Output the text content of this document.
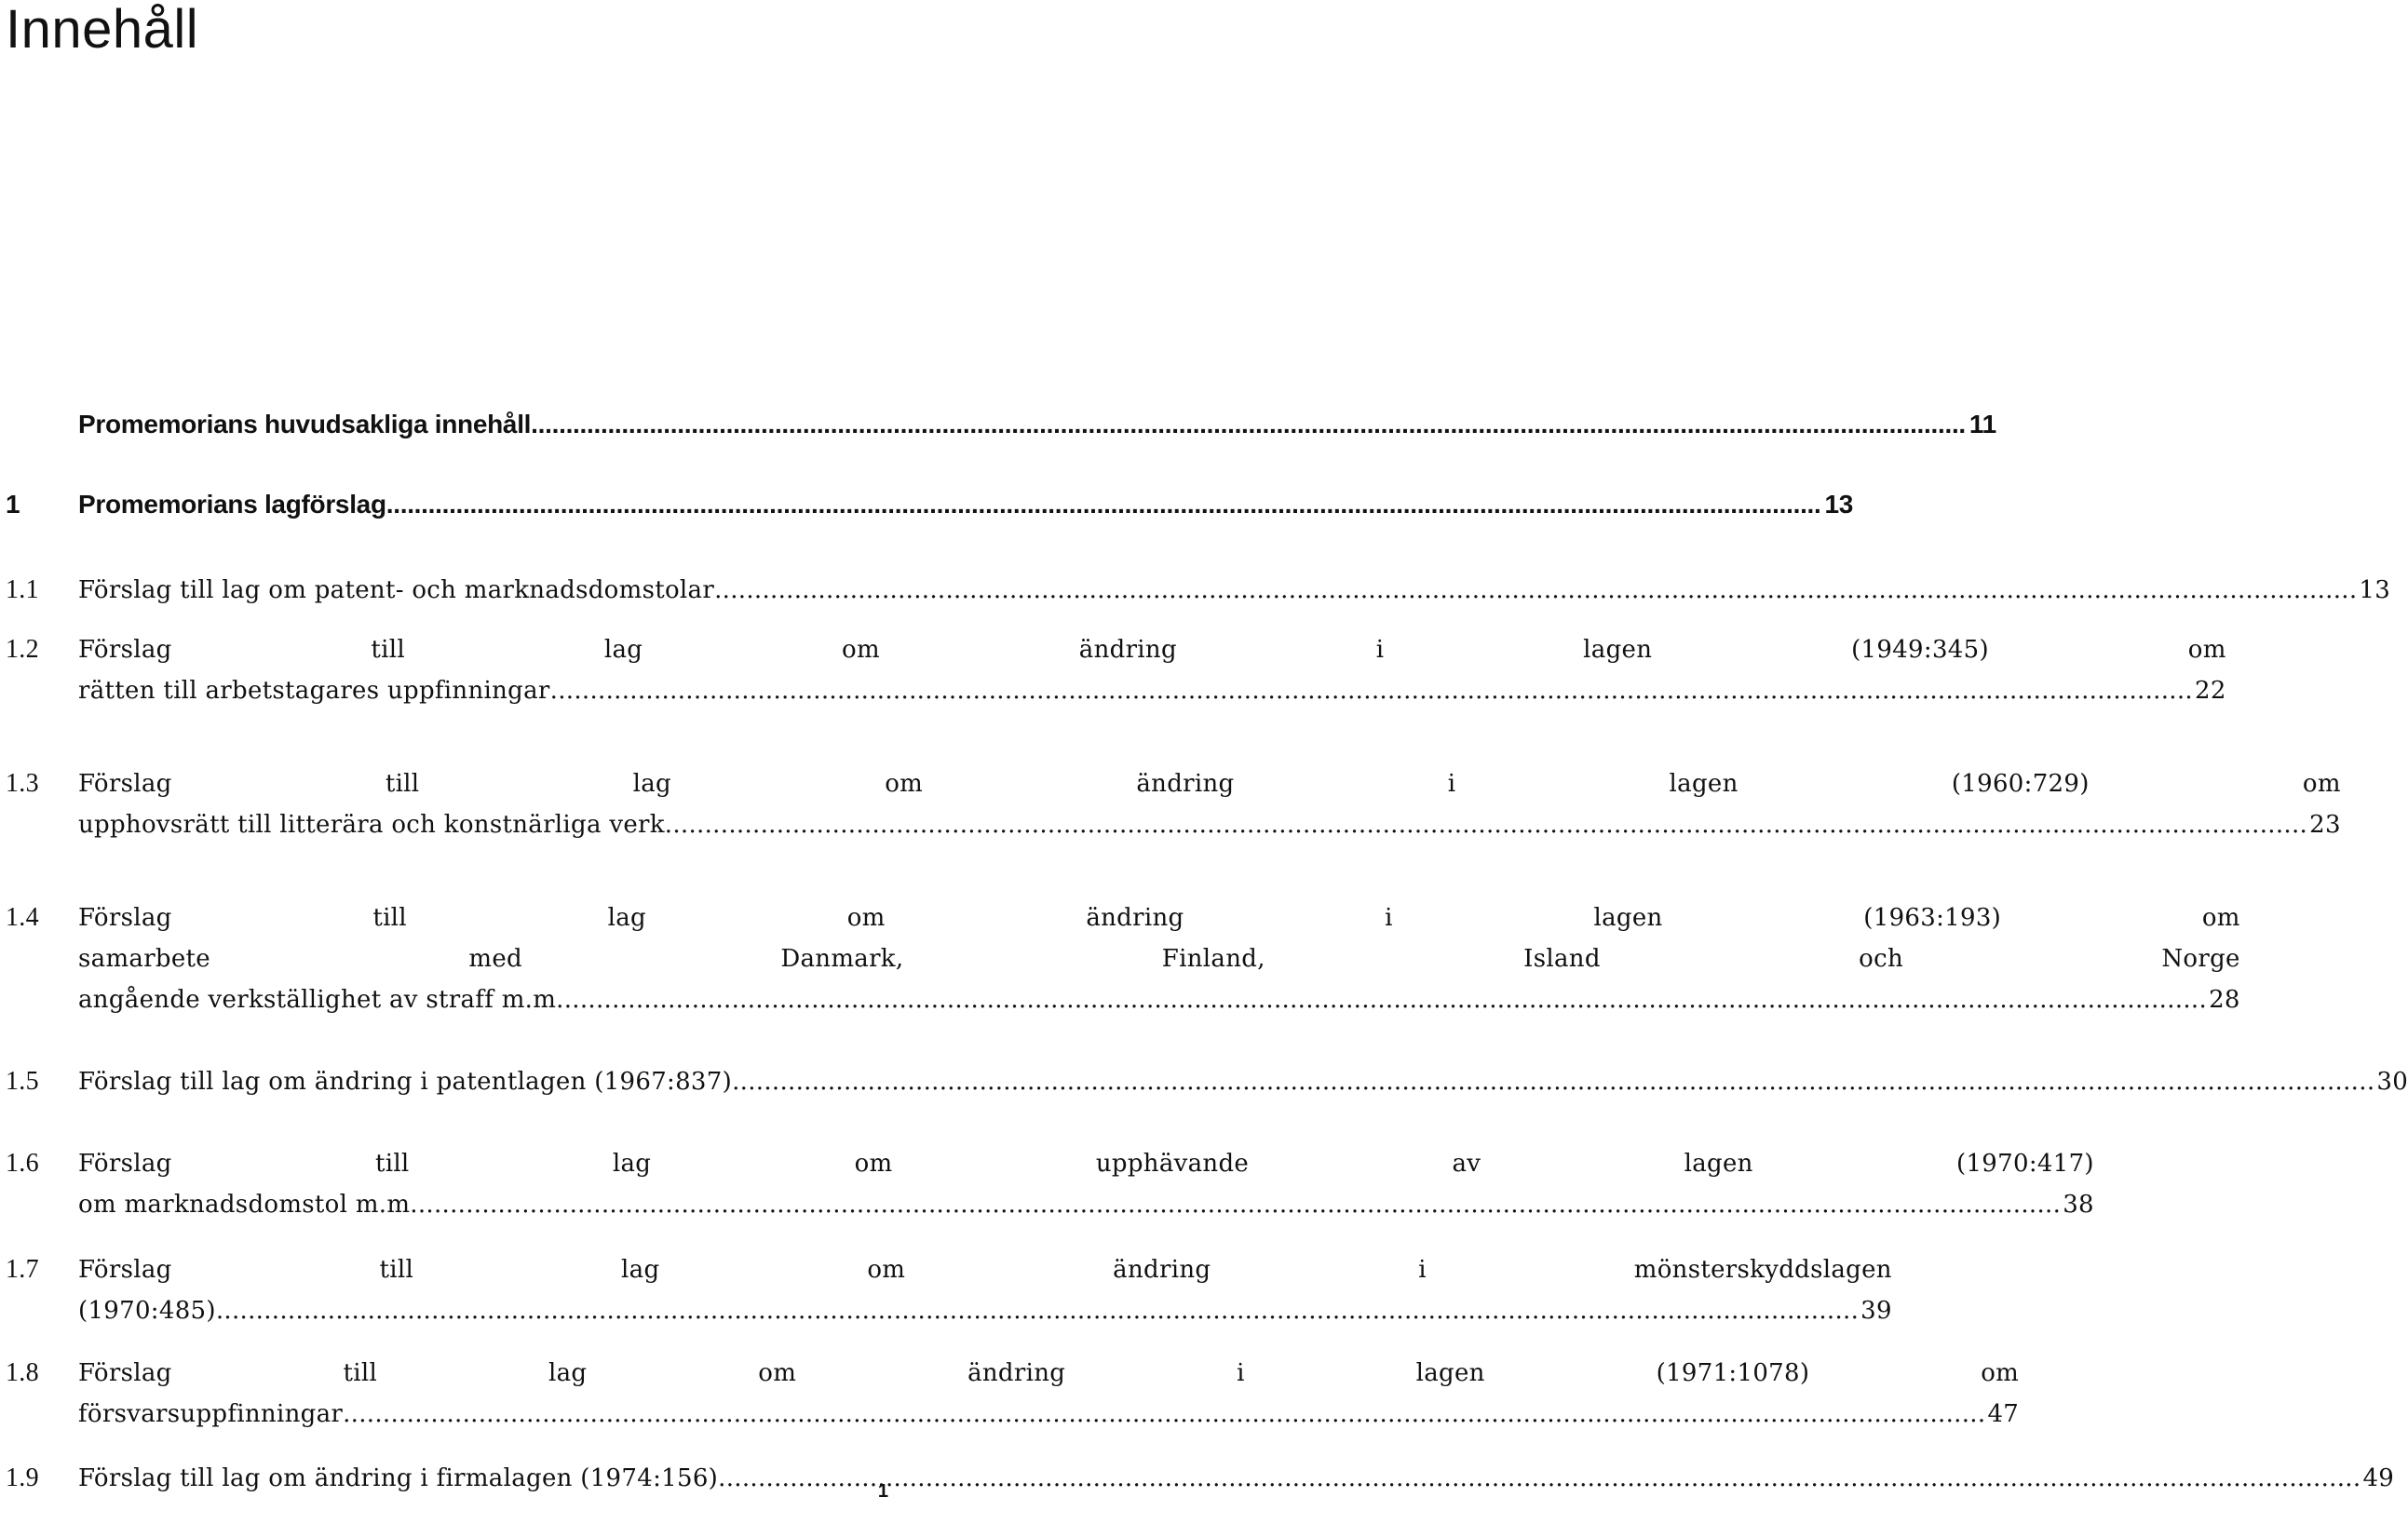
Innehåll
Promemorians huvudsakliga innehåll .....	11
1	Promemorians lagförslag .....	13
1.1	Förslag till lag om patent- och marknadsdomstolar .....	13
1.2	Förslag till lag om ändring i lagen (1949:345) om
rätten till arbetstagares uppfinningar .....	22
1.3	Förslag till lag om ändring i lagen (1960:729) om
upphovsrätt till litterära och konstnärliga verk .....	23
1.4	Förslag till lag om ändring i lagen (1963:193) om
samarbete med Danmark, Finland, Island och Norge
angående verkställighet av straff m.m. .....	28
1.5	Förslag till lag om ändring i patentlagen (1967:837) .....	30
1.6	Förslag till lag om upphävande av lagen (1970:417)
om marknadsdomstol m.m. .....	38
1.7	Förslag till lag om ändring i mönsterskyddslagen
(1970:485) .....	39
1.8	Förslag till lag om ändring i lagen (1971:1078) om
försvarsuppfinningar .....	47
1.9	Förslag till lag om ändring i firmalagen (1974:156) .....	49
1
